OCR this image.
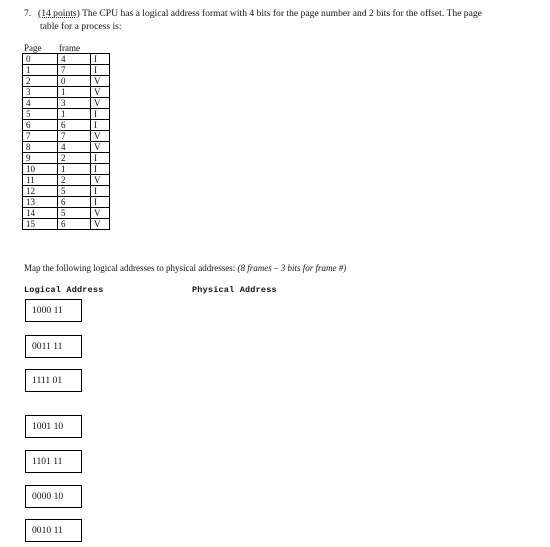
7. (14 points) The CPU has a logical address format with 4 bits for the page number and 2 bits for the offset. The page
table for a process is:
Page frame
0	4	I
1	7	I
2	0	V
3	1	V
4	3	V
5	1	I
6	6	I
7	7	V
8	4	V
9	2	I
10	1	I
11	2	V
12	5	I
13	6	I
14	5	V
15	6	V
Map the following logical addresses to physical addresses: (8 frames – 3 bits for frame #)
Logical Address	Physical Address
1000 11
0011 11
1111 01
1001 10
1101 11
0000 10
0010 11
